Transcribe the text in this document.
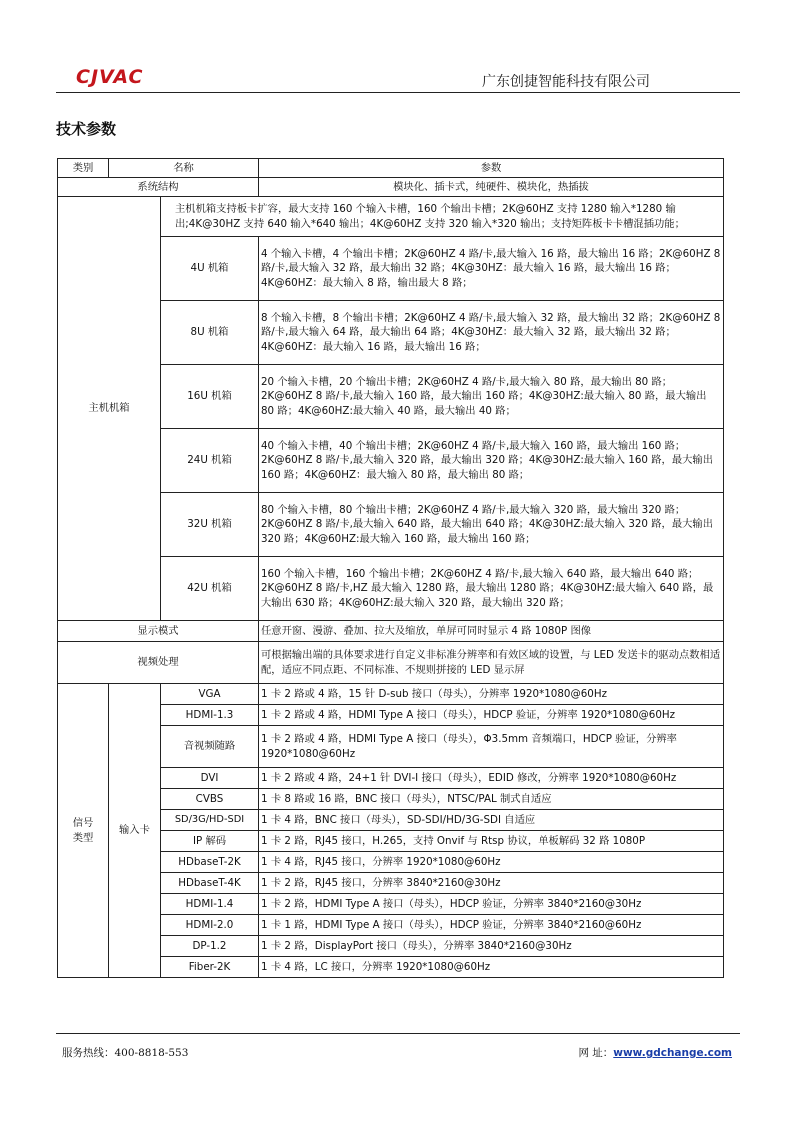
CJVAC	广东创捷智能科技有限公司
技术参数
类别	名称		参数
系统结构			模块化、插卡式，纯硬件、模块化，热插拔
主机机箱		主机机箱支持板卡扩容，最大支持 160 个输入卡槽，160 个输出卡槽；2K@60HZ 支持 1280 输入*1280 输出;4K@30HZ 支持 640 输入*640 输出；4K@60HZ 支持 320 输入*320 输出；支持矩阵板卡卡槽混插功能；	
		4U 机箱	4 个输入卡槽，4 个输出卡槽；2K@60HZ 4 路/卡,最大输入 16 路，最大输出 16 路；2K@60HZ 8 路/卡,最大输入 32 路，最大输出 32 路；4K@30HZ：最大输入 16 路，最大输出 16 路；4K@60HZ：最大输入 8 路，输出最大 8 路；
		8U 机箱	8 个输入卡槽，8 个输出卡槽；2K@60HZ 4 路/卡,最大输入 32 路，最大输出 32 路；2K@60HZ 8 路/卡,最大输入 64 路，最大输出 64 路；4K@30HZ：最大输入 32 路，最大输出 32 路；4K@60HZ：最大输入 16 路，最大输出 16 路；
		16U 机箱	20 个输入卡槽，20 个输出卡槽；2K@60HZ 4 路/卡,最大输入 80 路，最大输出 80 路；2K@60HZ 8 路/卡,最大输入 160 路，最大输出 160 路；4K@30HZ:最大输入 80 路，最大输出 80 路；4K@60HZ:最大输入 40 路，最大输出 40 路；
		24U 机箱	40 个输入卡槽，40 个输出卡槽；2K@60HZ 4 路/卡,最大输入 160 路，最大输出 160 路；2K@60HZ 8 路/卡,最大输入 320 路，最大输出 320 路；4K@30HZ:最大输入 160 路，最大输出 160 路；4K@60HZ：最大输入 80 路，最大输出 80 路；
		32U 机箱	80 个输入卡槽，80 个输出卡槽；2K@60HZ 4 路/卡,最大输入 320 路，最大输出 320 路；2K@60HZ 8 路/卡,最大输入 640 路，最大输出 640 路；4K@30HZ:最大输入 320 路，最大输出 320 路；4K@60HZ:最大输入 160 路，最大输出 160 路；
		42U 机箱	160 个输入卡槽，160 个输出卡槽；2K@60HZ 4 路/卡,最大输入 640 路，最大输出 640 路；2K@60HZ 8 路/卡,HZ 最大输入 1280 路，最大输出 1280 路；4K@30HZ:最大输入 640 路，最大输出 630 路；4K@60HZ:最大输入 320 路，最大输出 320 路；
显示模式			任意开窗、漫游、叠加、拉大及缩放，单屏可同时显示 4 路 1080P 图像
视频处理			可根据输出端的具体要求进行自定义非标准分辨率和有效区域的设置，与 LED 发送卡的驱动点数相适配，适应不同点距、不同标准、不规则拼接的 LED 显示屏
信号
类型	输入卡	VGA	1 卡 2 路或 4 路，15 针 D-sub 接口（母头），分辨率 1920*1080@60Hz
		HDMI-1.3	1 卡 2 路或 4 路，HDMI Type A 接口（母头），HDCP 验证，分辨率 1920*1080@60Hz
		音视频随路	1 卡 2 路或 4 路，HDMI Type A 接口（母头），Φ3.5mm 音频端口，HDCP 验证，分辨率 1920*1080@60Hz
		DVI	1 卡 2 路或 4 路，24+1 针 DVI-I 接口（母头），EDID 修改，分辨率 1920*1080@60Hz
		CVBS	1 卡 8 路或 16 路，BNC 接口（母头），NTSC/PAL 制式自适应
		SD/3G/HD-SDI	1 卡 4 路，BNC 接口（母头），SD-SDI/HD/3G-SDI 自适应
		IP 解码	1 卡 2 路，RJ45 接口，H.265，支持 Onvif 与 Rtsp 协议，单板解码 32 路 1080P
		HDbaseT-2K	1 卡 4 路，RJ45 接口，分辨率 1920*1080@60Hz
		HDbaseT-4K	1 卡 2 路，RJ45 接口，分辨率 3840*2160@30Hz
		HDMI-1.4	1 卡 2 路，HDMI Type A 接口（母头），HDCP 验证，分辨率 3840*2160@30Hz
		HDMI-2.0	1 卡 1 路，HDMI Type A 接口（母头），HDCP 验证，分辨率 3840*2160@60Hz
		DP-1.2	1 卡 2 路，DisplayPort 接口（母头），分辨率 3840*2160@30Hz
		Fiber-2K	1 卡 4 路，LC 接口，分辨率 1920*1080@60Hz
服务热线：400-8818-553	网 址：www.gdchange.com
